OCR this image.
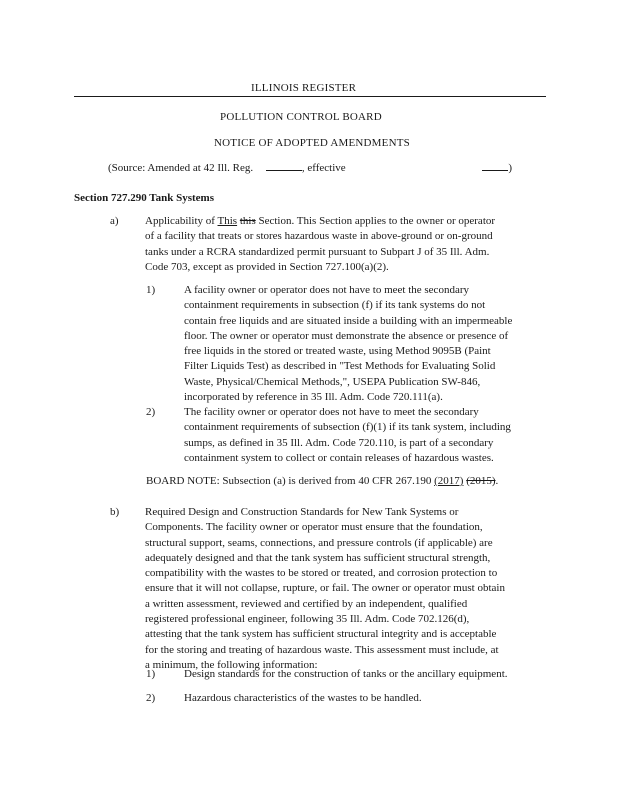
ILLINOIS REGISTER
POLLUTION CONTROL BOARD
NOTICE OF ADOPTED AMENDMENTS
(Source: Amended at 42 Ill. Reg.	, effective	)
Section 727.290 Tank Systems
a) Applicability of This this Section. This Section applies to the owner or operator
of a facility that treats or stores hazardous waste in above-ground or on-ground
tanks under a RCRA standardized permit pursuant to Subpart J of 35 Ill. Adm.
Code 703, except as provided in Section 727.100(a)(2).
1)	A facility owner or operator does not have to meet the secondary
containment requirements in subsection (f) if its tank systems do not
contain free liquids and are situated inside a building with an impermeable
floor. The owner or operator must demonstrate the absence or presence of
free liquids in the stored or treated waste, using Method 9095B (Paint
Filter Liquids Test) as described in "Test Methods for Evaluating Solid
Waste, Physical/Chemical Methods,", USEPA Publication SW-846,
incorporated by reference in 35 Ill. Adm. Code 720.111(a).
2)	The facility owner or operator does not have to meet the secondary
containment requirements of subsection (f)(1) if its tank system, including
sumps, as defined in 35 Ill. Adm. Code 720.110, is part of a secondary
containment system to collect or contain releases of hazardous wastes.
BOARD NOTE: Subsection (a) is derived from 40 CFR 267.190 (2017) (2015).
b) Required Design and Construction Standards for New Tank Systems or
Components. The facility owner or operator must ensure that the foundation,
structural support, seams, connections, and pressure controls (if applicable) are
adequately designed and that the tank system has sufficient structural strength,
compatibility with the wastes to be stored or treated, and corrosion protection to
ensure that it will not collapse, rupture, or fail. The owner or operator must obtain
a written assessment, reviewed and certified by an independent, qualified
registered professional engineer, following 35 Ill. Adm. Code 702.126(d),
attesting that the tank system has sufficient structural integrity and is acceptable
for the storing and treating of hazardous waste. This assessment must include, at
a minimum, the following information:
1)	Design standards for the construction of tanks or the ancillary equipment.
2)	Hazardous characteristics of the wastes to be handled.
